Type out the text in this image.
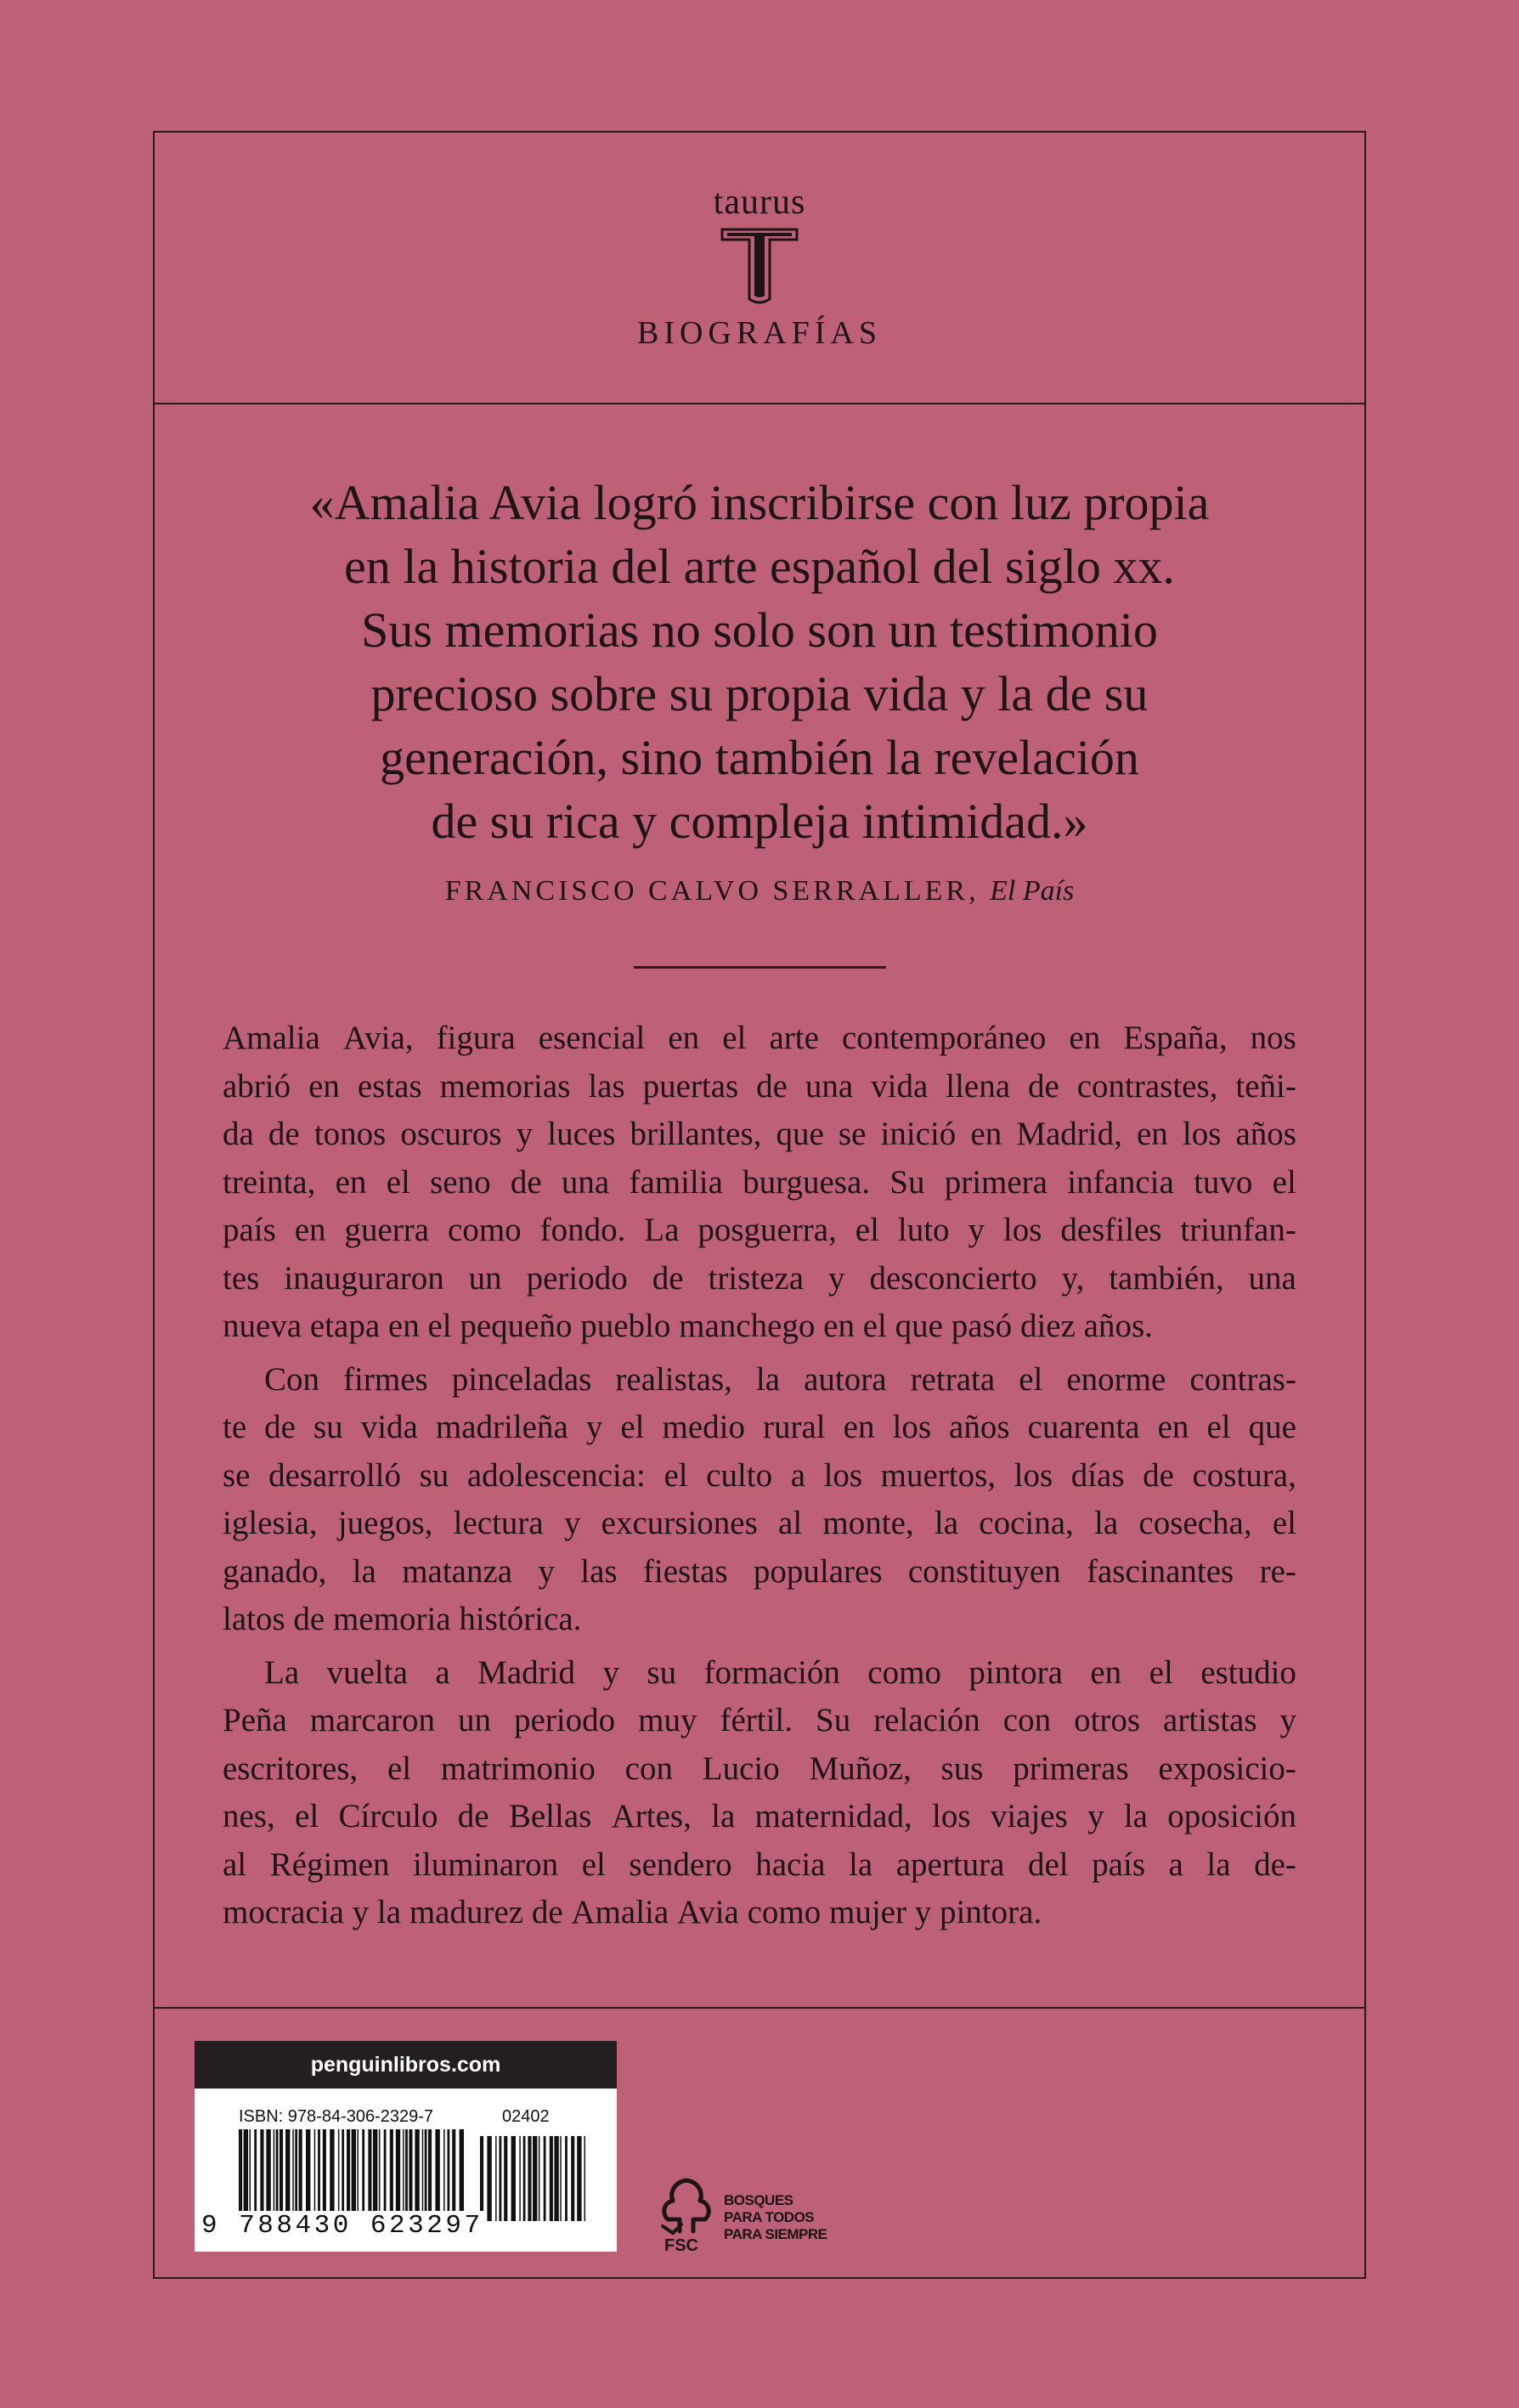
taurus
BIOGRAFÍAS
«Amalia Avia logró inscribirse con luz propia
en la historia del arte español del siglo xx.
Sus memorias no solo son un testimonio
precioso sobre su propia vida y la de su
generación, sino también la revelación
de su rica y compleja intimidad.»
FRANCISCO CALVO SERRALLER, El País
Amalia Avia, figura esencial en el arte contemporáneo en España, nos
abrió en estas memorias las puertas de una vida llena de contrastes, teñi-
da de tonos oscuros y luces brillantes, que se inició en Madrid, en los años
treinta, en el seno de una familia burguesa. Su primera infancia tuvo el
país en guerra como fondo. La posguerra, el luto y los desfiles triunfan-
tes inauguraron un periodo de tristeza y desconcierto y, también, una
nueva etapa en el pequeño pueblo manchego en el que pasó diez años.
Con firmes pinceladas realistas, la autora retrata el enorme contras-
te de su vida madrileña y el medio rural en los años cuarenta en el que
se desarrolló su adolescencia: el culto a los muertos, los días de costura,
iglesia, juegos, lectura y excursiones al monte, la cocina, la cosecha, el
ganado, la matanza y las fiestas populares constituyen fascinantes re-
latos de memoria histórica.
La vuelta a Madrid y su formación como pintora en el estudio
Peña marcaron un periodo muy fértil. Su relación con otros artistas y
escritores, el matrimonio con Lucio Muñoz, sus primeras exposicio-
nes, el Círculo de Bellas Artes, la maternidad, los viajes y la oposición
al Régimen iluminaron el sendero hacia la apertura del país a la de-
mocracia y la madurez de Amalia Avia como mujer y pintora.
penguinlibros.com
ISBN: 978-84-306-2329-7	02402
9 788430 623297
FSC
BOSQUES
PARA TODOS
PARA SIEMPRE
